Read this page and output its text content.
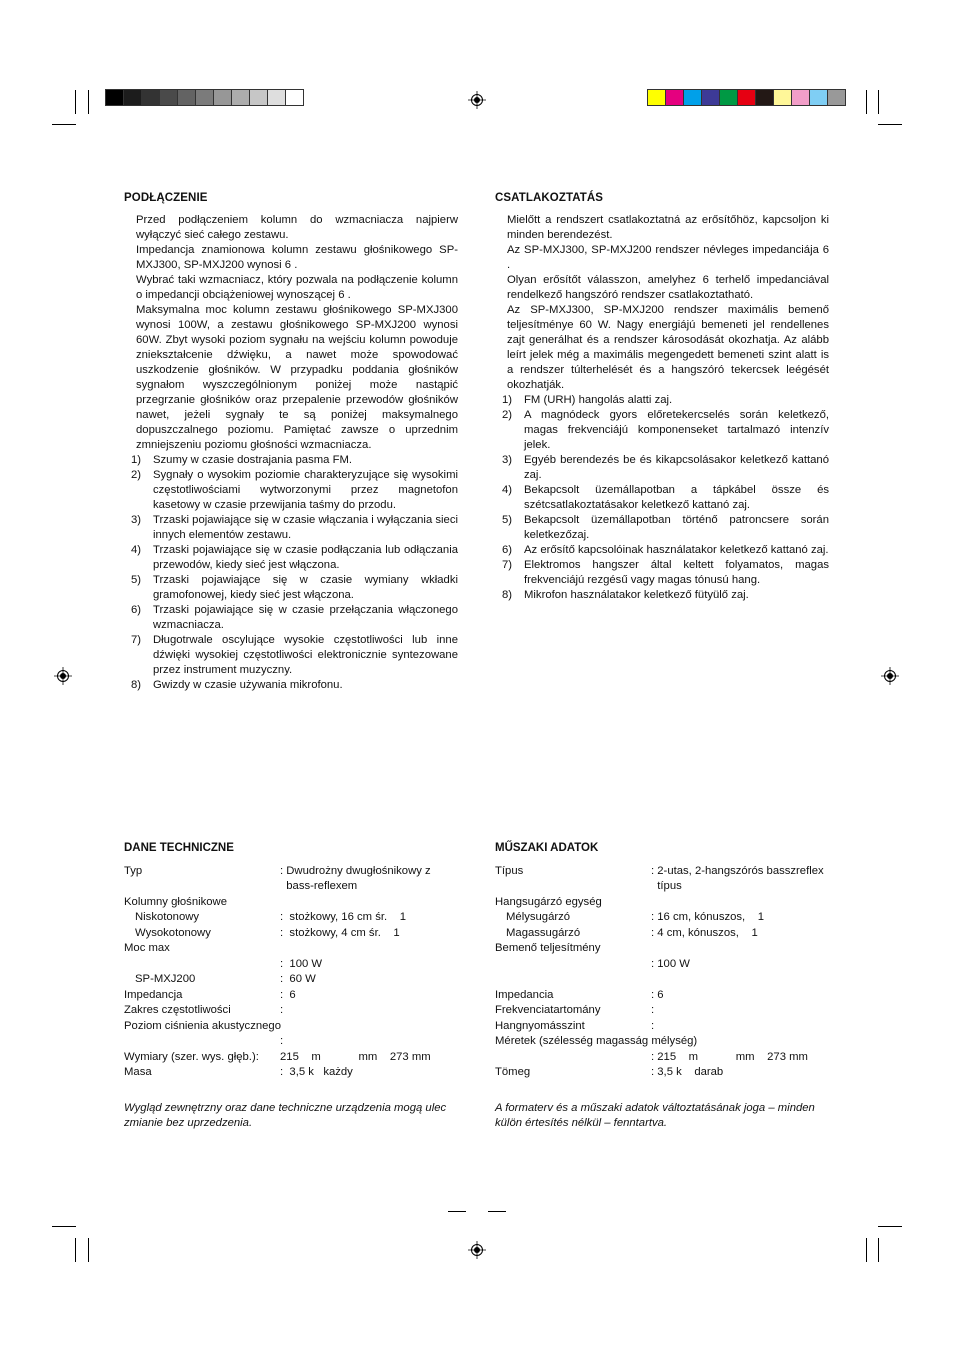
PODŁĄCZENIE

Przed podłączeniem kolumn do wzmacniacza najpierw wyłączyć sieć całego zestawu.

Impedancja znamionowa kolumn zestawu głośnikowego SP-MXJ300, SP-MXJ200 wynosi 6 .

Wybrać taki wzmacniacz, który pozwala na podłączenie kolumn o impedancji obciążeniowej wynoszącej 6 .

Maksymalna moc kolumn zestawu głośnikowego SP-MXJ300 wynosi 100W, a zestawu głośnikowego SP-MXJ200 wynosi 60W. Zbyt wysoki poziom sygnału na wejściu kolumn powoduje zniekształcenie dźwięku, a nawet może spowodować uszkodzenie głośników. W przypadku poddania głośników sygnałom wyszczególnionym poniżej może nastąpić przegrzanie głośników oraz przepalenie przewodów głośników nawet, jeżeli sygnały te są poniżej maksymalnego dopuszczalnego poziomu. Pamiętać zawsze o uprzednim zmniejszeniu poziomu głośności wzmacniacza.

1) Szumy w czasie dostrajania pasma FM.
2) Sygnały o wysokim poziomie charakteryzujące się wysokimi częstotliwościami wytworzonymi przez magnetofon kasetowy w czasie przewijania taśmy do przodu.
3) Trzaski pojawiające się w czasie włączania i wyłączania sieci innych elementów zestawu.
4) Trzaski pojawiające się w czasie podłączania lub odłączania przewodów, kiedy sieć jest włączona.
5) Trzaski pojawiające się w czasie wymiany wkładki gramofonowej, kiedy sieć jest włączona.
6) Trzaski pojawiające się w czasie przełączania włączonego wzmacniacza.
7) Długotrwale oscylujące wysokie częstotliwości lub inne dźwięki wysokiej częstotliwości elektronicznie syntezowane przez instrument muzyczny.
8) Gwizdy w czasie używania mikrofonu.
CSATLAKOZTATÁS

Mielőtt a rendszert csatlakoztatná az erősítőhöz, kapcsoljon ki minden berendezést.

Az SP-MXJ300, SP-MXJ200 rendszer névleges impedanciája 6 .

Olyan erősítőt válasszon, amelyhez 6 terhelő impedanciával rendelkező hangszóró rendszer csatlakoztatható.

Az SP-MXJ300, SP-MXJ200 rendszer maximális bemenő teljesítménye 60 W. Nagy energiájú bemeneti jel rendellenes zajt generálhat és a rendszer károsodását okozhatja. Az alább leírt jelek még a maximális megengedett bemeneti szint alatt is a rendszer túlterhelését és a hangszóró tekercsek leégését okozhatják.

1) FM (URH) hangolás alatti zaj.
2) A magnódeck gyors előretekercselés során keletkező, magas frekvenciájú komponenseket tartalmazó intenzív jelek.
3) Egyéb berendezés be és kikapcsolásakor keletkező kattanó zaj.
4) Bekapcsolt üzemállapotban a tápkábel össze és szétcsatlakoztatásakor keletkező kattanó zaj.
5) Bekapcsolt üzemállapotban történő patroncsere során keletkezőzaj.
6) Az erősítő kapcsolóinak használatakor keletkező kattanó zaj.
7) Elektromos hangszer által keltett folyamatos, magas frekvenciájú rezgésű vagy magas tónusú hang.
8) Mikrofon használatakor keletkező fütyülő zaj.
DANE TECHNICZNE
Typ	: Dwudrożny dwugłośnikowy z
bass-reflexem
Kolumny głośnikowe
Niskotonowy	:  stożkowy, 16 cm śr.    1
Wysokotonowy	:  stożkowy, 4 cm śr.    1
Moc max

:  100 W
SP-MXJ200	:  60 W
Impedancja	:  6
Zakres częstotliwości	:
Poziom ciśnienia akustycznego

:
Wymiary (szer. wys. głęb.):	215    m            mm    273 mm
Masa	:  3,5 k   każdy

Wygląd zewnętrzny oraz dane techniczne urządzenia mogą ulec zmianie bez uprzedzenia.

MŰSZAKI ADATOK
Típus	: 2-utas, 2-hangszórós basszreflex
típus
Hangsugárzó egység
Mélysugárzó	: 16 cm, kónuszos,    1
Magassugárzó	: 4 cm, kónuszos,    1
Bemenő teljesítmény

: 100 W

Impedancia	: 6
Frekvenciatartomány	:
Hangnyomásszint	:
Méretek (szélesség magasság mélység)

: 215    m            mm    273 mm
Tömeg	: 3,5 k    darab

A formaterv és a műszaki adatok változtatásának joga – minden külön értesítés nélkül – fenntartva.
